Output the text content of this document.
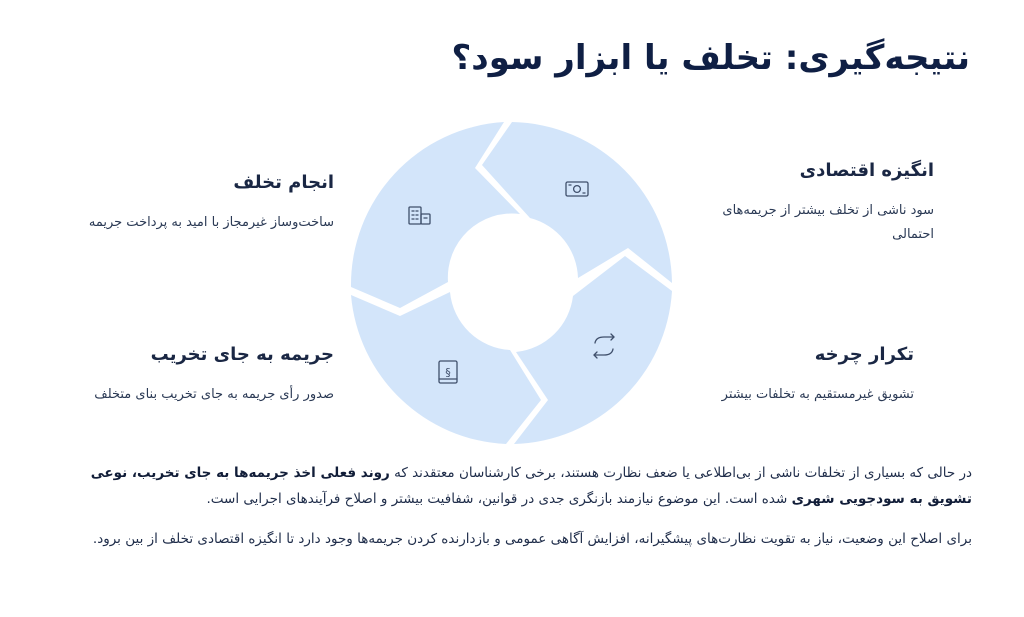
نتیجه‌گیری: تخلف یا ابزار سود؟
§
انگیزه اقتصادی

سود ناشی از تخلف بیشتر از جریمه‌های احتمالی

تکرار چرخه

تشویق غیرمستقیم به تخلفات بیشتر

جریمه به جای تخریب

صدور رأی جریمه به جای تخریب بنای متخلف

انجام تخلف

ساخت‌وساز غیرمجاز با امید به پرداخت جریمه

در حالی که بسیاری از تخلفات ناشی از بی‌اطلاعی یا ضعف نظارت هستند، برخی کارشناسان معتقدند که روند فعلی اخذ جریمه‌ها به جای تخریب، نوعی تشویق به سودجویی شهری شده است. این موضوع نیازمند بازنگری جدی در قوانین، شفافیت بیشتر و اصلاح فرآیندهای اجرایی است.
برای اصلاح این وضعیت، نیاز به تقویت نظارت‌های پیشگیرانه، افزایش آگاهی عمومی و بازدارنده کردن جریمه‌ها وجود دارد تا انگیزه اقتصادی تخلف از بین برود.
